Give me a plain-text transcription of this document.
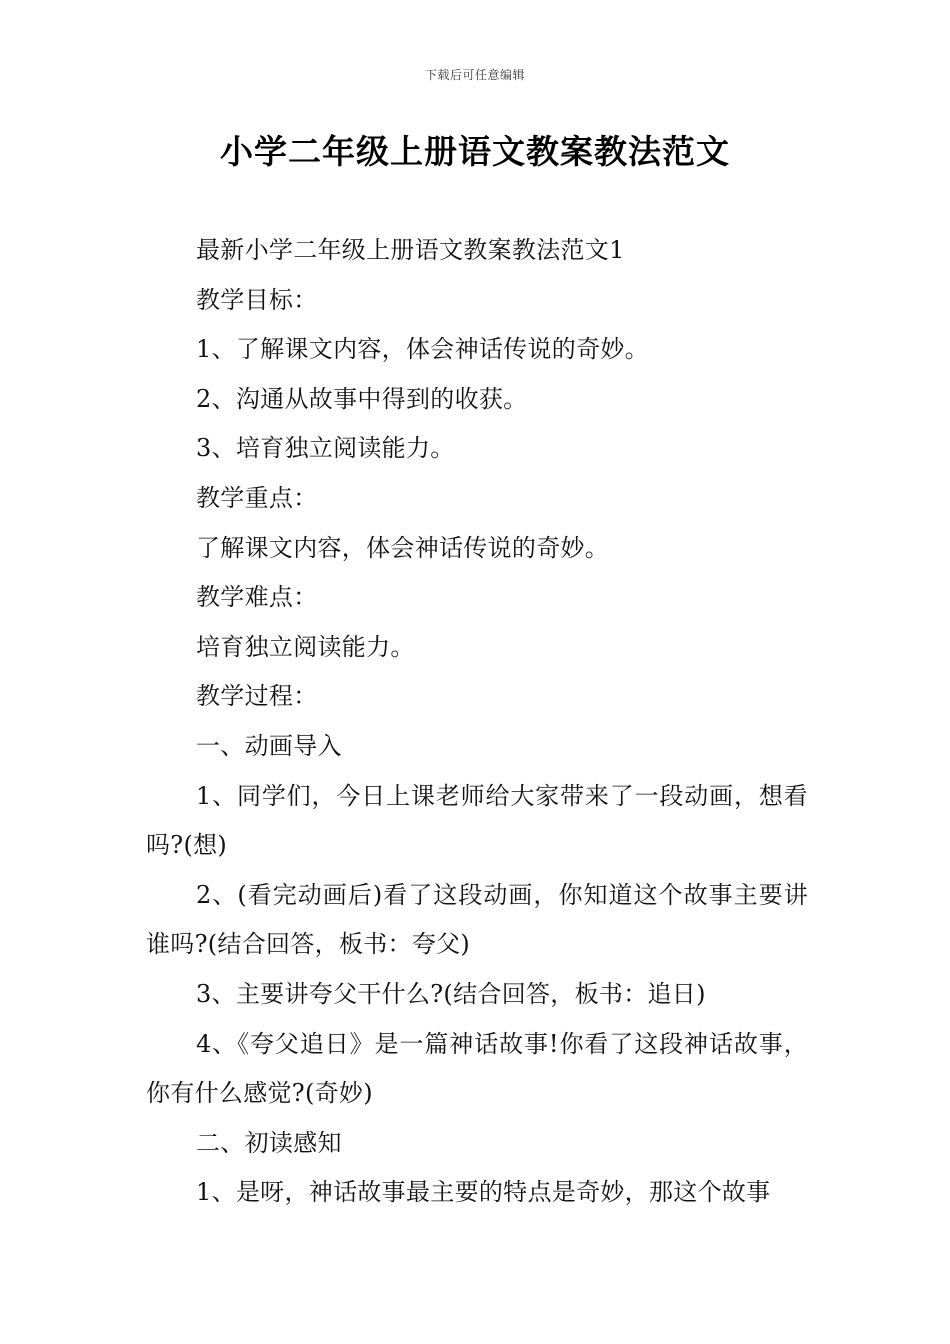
下载后可任意编辑
小学二年级上册语文教案教法范文

最新小学二年级上册语文教案教法范文1

教学目标：

1、了解课文内容，体会神话传说的奇妙。

2、沟通从故事中得到的收获。

3、培育独立阅读能力。

教学重点：

了解课文内容，体会神话传说的奇妙。

教学难点：

培育独立阅读能力。

教学过程：

一、动画导入

1、同学们，今日上课老师给大家带来了一段动画，想看吗?(想)

2、(看完动画后)看了这段动画，你知道这个故事主要讲谁吗?(结合回答，板书：夸父)

3、主要讲夸父干什么?(结合回答，板书：追日)

4、《夸父追日》是一篇神话故事!你看了这段神话故事，你有什么感觉?(奇妙)

二、初读感知

1、是呀，神话故事最主要的特点是奇妙，那这个故事
